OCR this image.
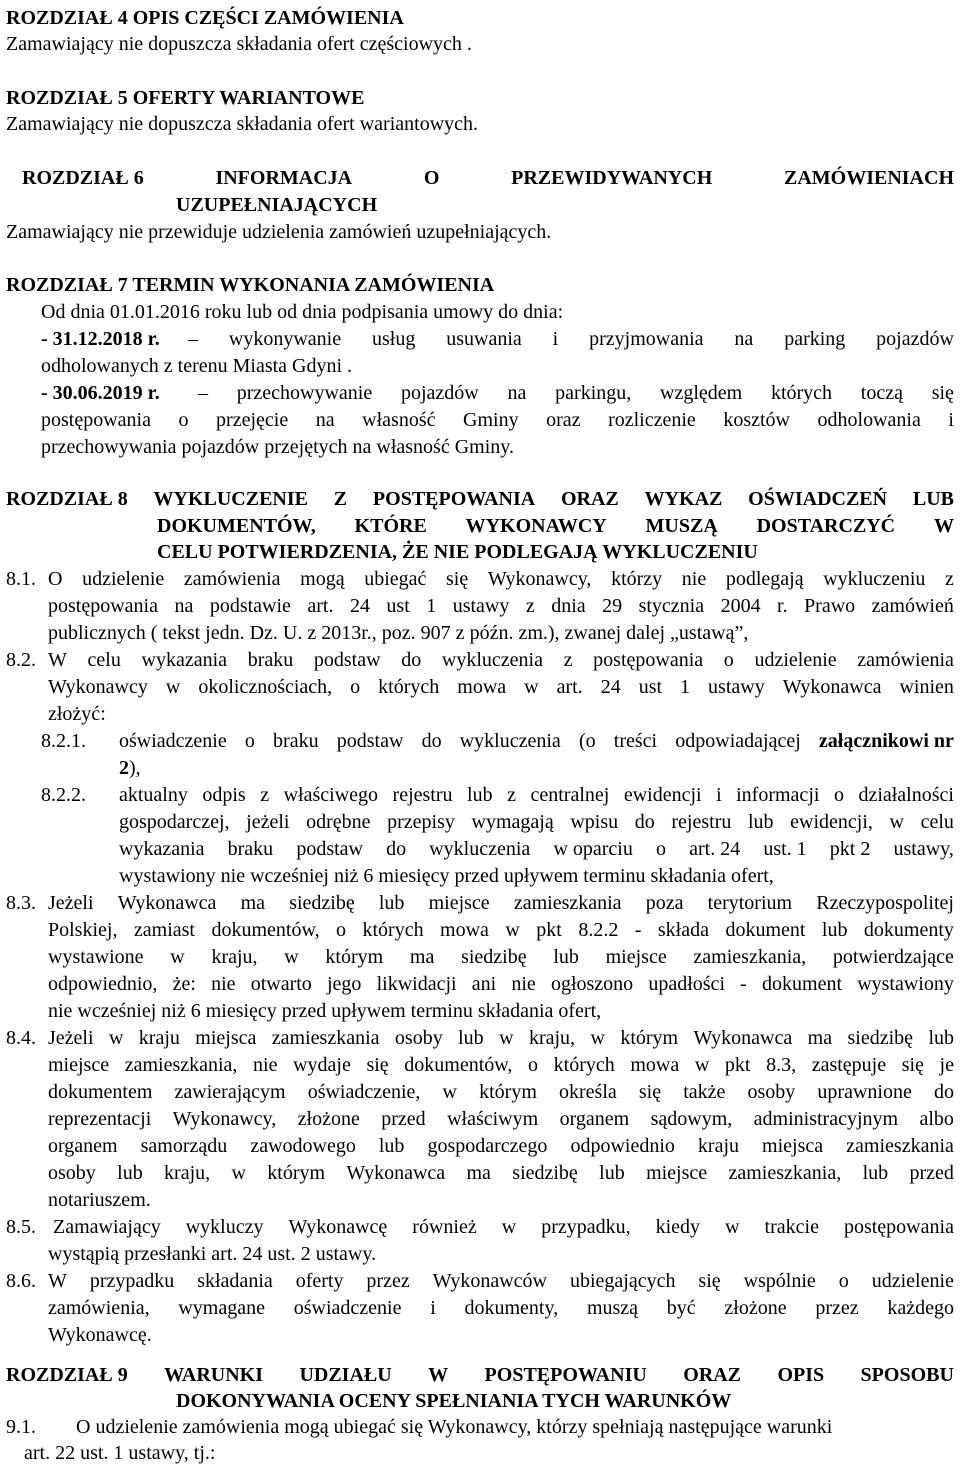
ROZDZIAŁ 4 OPIS CZĘŚCI ZAMÓWIENIA
Zamawiający nie dopuszcza składania ofert częściowych .
ROZDZIAŁ 5 OFERTY WARIANTOWE
Zamawiający nie dopuszcza składania ofert wariantowych.
ROZDZIAŁ 6	INFORMACJA	O	PRZEWIDYWANYCH	ZAMÓWIENIACH
UZUPEŁNIAJĄCYCH
Zamawiający nie przewiduje udzielenia zamówień uzupełniających.
ROZDZIAŁ 7 TERMIN WYKONANIA ZAMÓWIENIA
Od dnia 01.01.2016 roku lub od dnia podpisania umowy do dnia:
- 31.12.2018 r. – wykonywanie usług usuwania i przyjmowania na parking pojazdów
odholowanych z terenu Miasta Gdyni .
- 30.06.2019 r. – przechowywanie pojazdów na parkingu, względem których toczą się
postępowania o przejęcie na własność Gminy oraz rozliczenie kosztów odholowania i
przechowywania pojazdów przejętych na własność Gminy.
ROZDZIAŁ 8 WYKLUCZENIE Z POSTĘPOWANIA ORAZ WYKAZ OŚWIADCZEŃ LUB
DOKUMENTÓW, KTÓRE WYKONAWCY MUSZĄ DOSTARCZYĆ W
CELU POTWIERDZENIA, ŻE NIE PODLEGAJĄ WYKLUCZENIU
8.1. O udzielenie zamówienia mogą ubiegać się Wykonawcy, którzy nie podlegają wykluczeniu z
postępowania na podstawie art. 24 ust 1 ustawy z dnia 29 stycznia 2004 r. Prawo zamówień
publicznych ( tekst jedn. Dz. U. z 2013r., poz. 907 z późn. zm.), zwanej dalej „ustawą”,
8.2. W celu wykazania braku podstaw do wykluczenia z postępowania o udzielenie zamówienia
Wykonawcy w okolicznościach, o których mowa w art. 24 ust 1 ustawy Wykonawca winien
złożyć:
8.2.1. oświadczenie o braku podstaw do wykluczenia (o treści odpowiadającej załącznikowi nr
2),
8.2.2. aktualny odpis z właściwego rejestru lub z centralnej ewidencji i informacji o działalności
gospodarczej, jeżeli odrębne przepisy wymagają wpisu do rejestru lub ewidencji, w celu
wykazania braku podstaw do wykluczenia w oparciu o art. 24 ust. 1 pkt 2 ustawy,
wystawiony nie wcześniej niż 6 miesięcy przed upływem terminu składania ofert,
8.3. Jeżeli Wykonawca ma siedzibę lub miejsce zamieszkania poza terytorium Rzeczypospolitej
Polskiej, zamiast dokumentów, o których mowa w pkt 8.2.2 - składa dokument lub dokumenty
wystawione w kraju, w którym ma siedzibę lub miejsce zamieszkania, potwierdzające
odpowiednio, że: nie otwarto jego likwidacji ani nie ogłoszono upadłości - dokument wystawiony
nie wcześniej niż 6 miesięcy przed upływem terminu składania ofert,
8.4. Jeżeli w kraju miejsca zamieszkania osoby lub w kraju, w którym Wykonawca ma siedzibę lub
miejsce zamieszkania, nie wydaje się dokumentów, o których mowa w pkt 8.3, zastępuje się je
dokumentem zawierającym oświadczenie, w którym określa się także osoby uprawnione do
reprezentacji Wykonawcy, złożone przed właściwym organem sądowym, administracyjnym albo
organem samorządu zawodowego lub gospodarczego odpowiednio kraju miejsca zamieszkania
osoby lub kraju, w którym Wykonawca ma siedzibę lub miejsce zamieszkania, lub przed
notariuszem.
8.5. Zamawiający wykluczy Wykonawcę również w przypadku, kiedy w trakcie postępowania
wystąpią przesłanki art. 24 ust. 2 ustawy.
8.6. W przypadku składania oferty przez Wykonawców ubiegających się wspólnie o udzielenie
zamówienia, wymagane oświadczenie i dokumenty, muszą być złożone przez każdego
Wykonawcę.
ROZDZIAŁ 9 WARUNKI UDZIAŁU W POSTĘPOWANIU ORAZ OPIS SPOSOBU
DOKONYWANIA OCENY SPEŁNIANIA TYCH WARUNKÓW
9.1. O udzielenie zamówienia mogą ubiegać się Wykonawcy, którzy spełniają następujące warunki
art. 22 ust. 1 ustawy, tj.:
